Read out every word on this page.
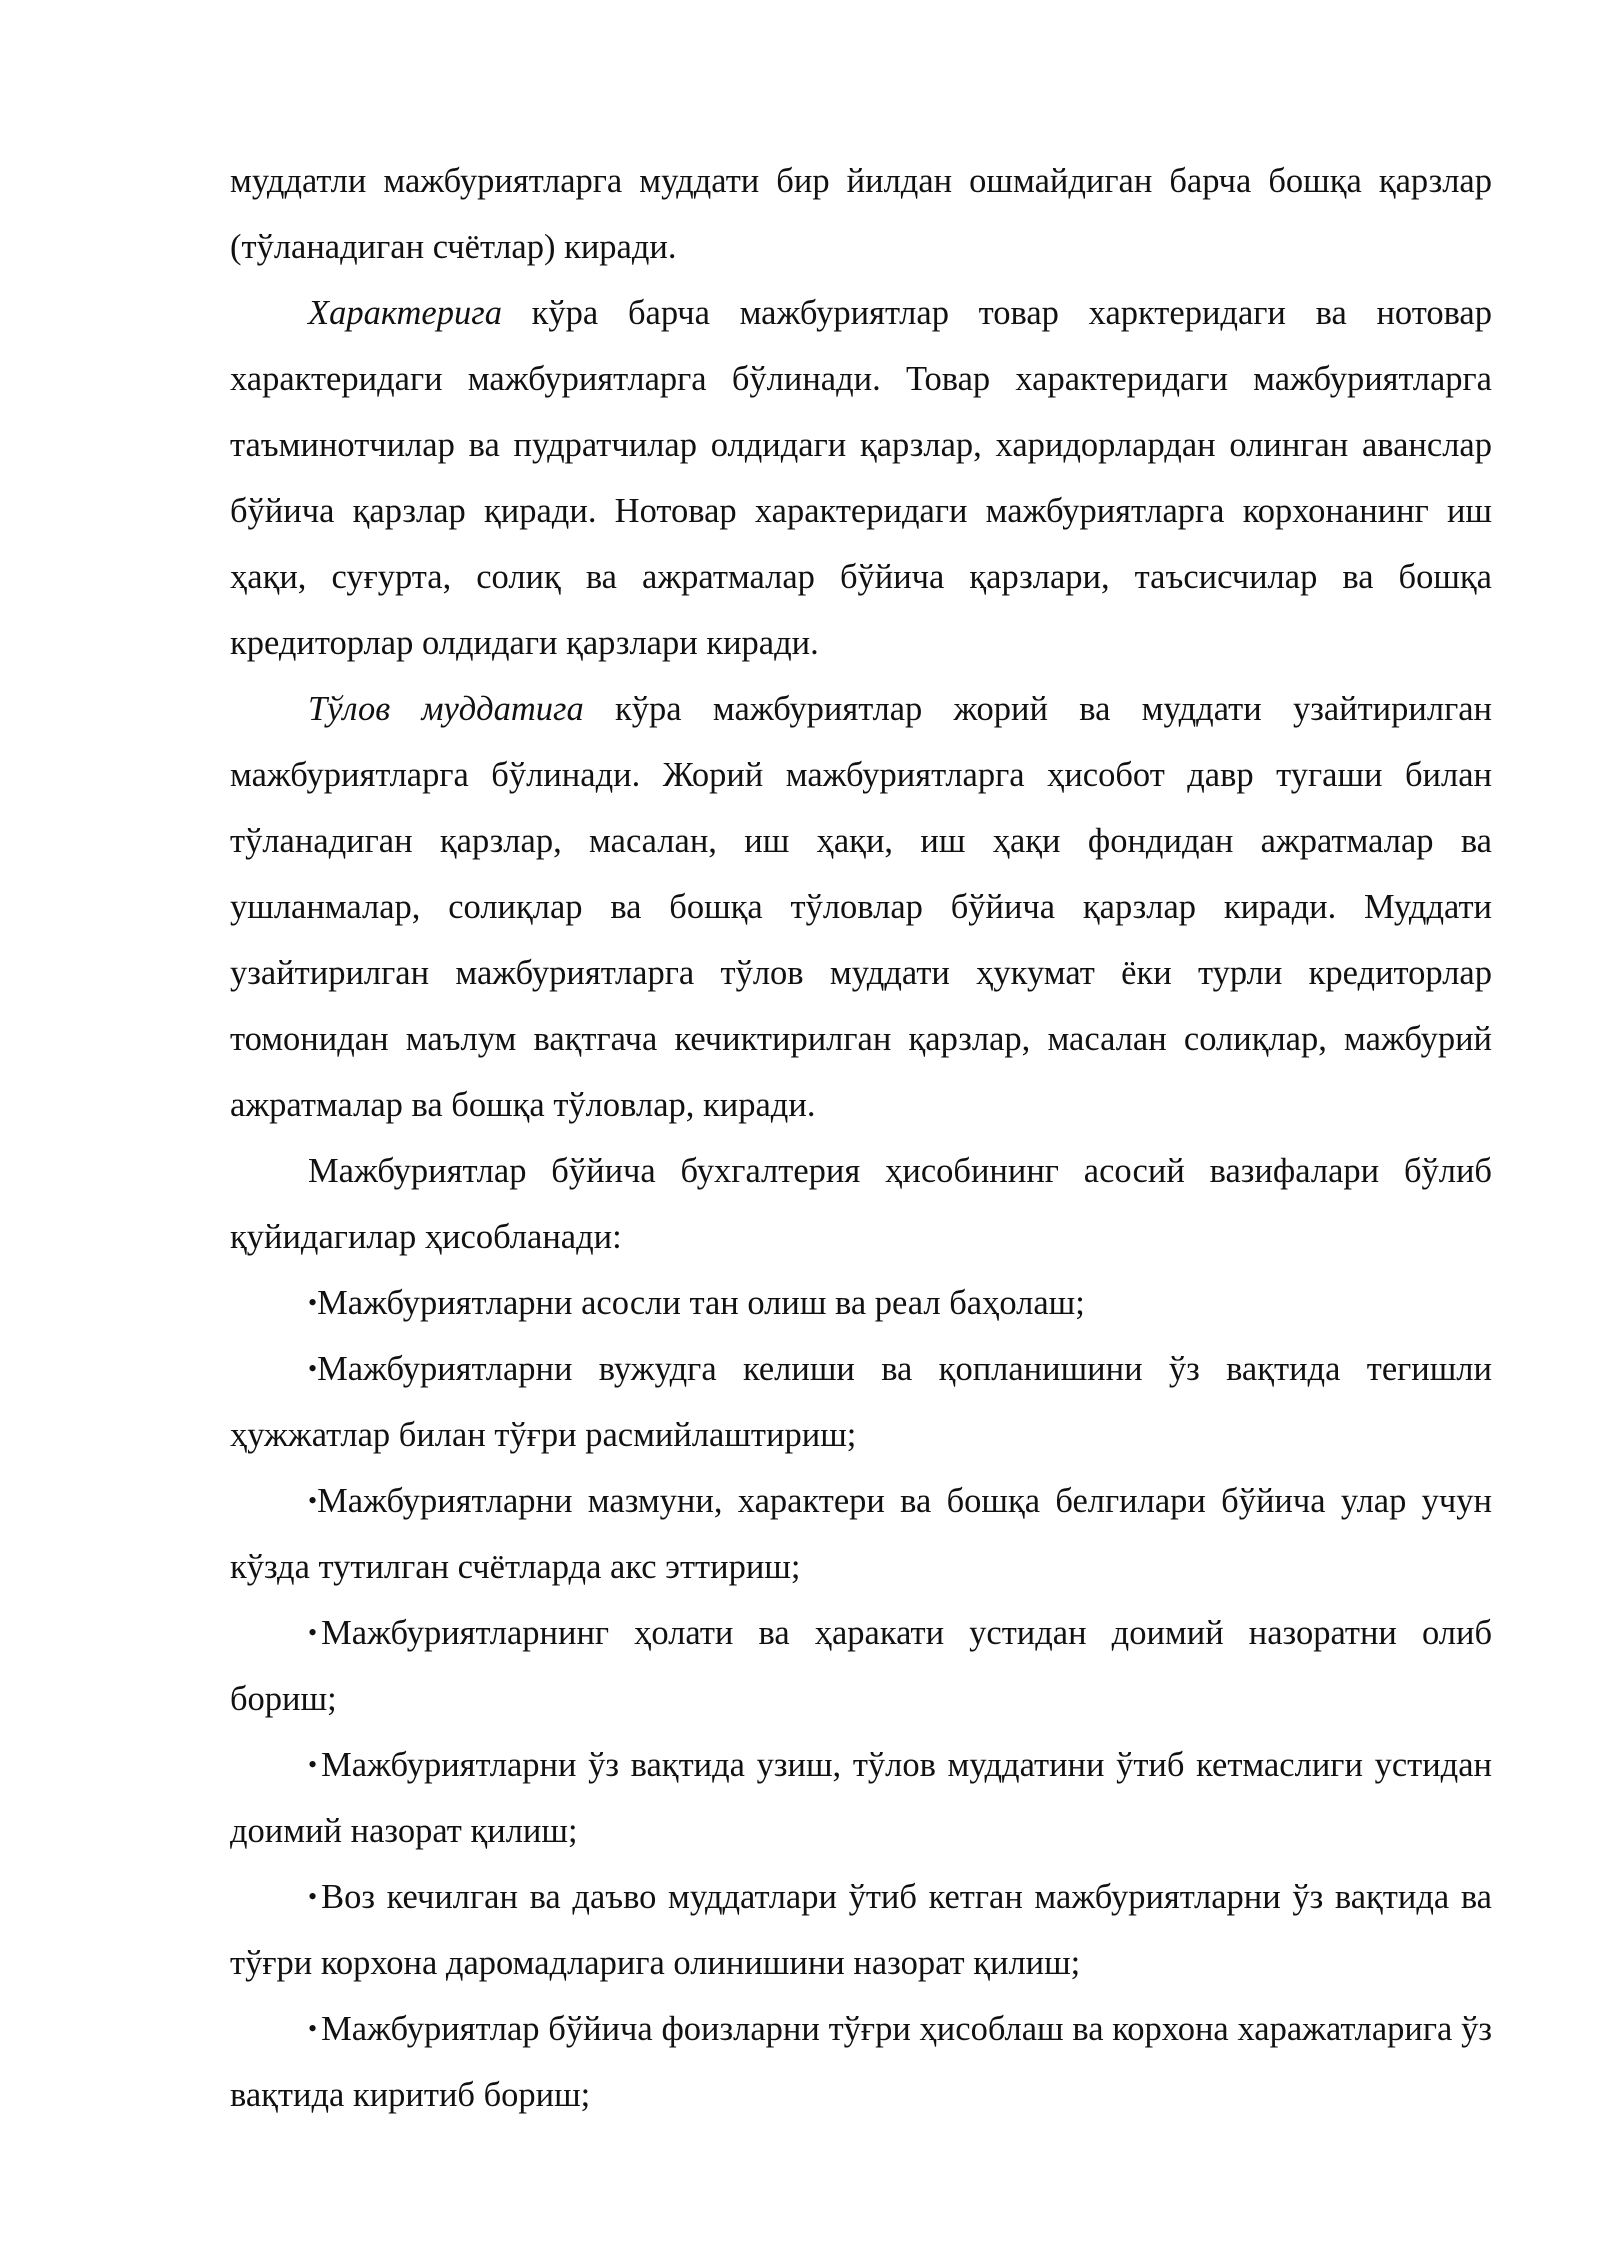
муддатли мажбуриятларга муддати бир йилдан ошмайдиган барча бошқа қарзлар (тўланадиган счётлар) киради.

Характерига кўра барча мажбуриятлар товар харктеридаги ва нотовар характеридаги мажбуриятларга бўлинади. Товар характеридаги мажбуриятларга таъминотчилар ва пудратчилар олдидаги қарзлар, харидорлардан олинган аванслар бўйича қарзлар қиради. Нотовар характеридаги мажбуриятларга корхонанинг иш ҳақи, суғурта, солиқ ва ажратмалар бўйича қарзлари, таъсисчилар ва бошқа кредиторлар олдидаги қарзлари киради.

Тўлов муддатига кўра мажбуриятлар жорий ва муддати узайтирилган мажбуриятларга бўлинади. Жорий мажбуриятларга ҳисобот давр тугаши билан тўланадиган қарзлар, масалан, иш ҳақи, иш ҳақи фондидан ажратмалар ва ушланмалар, солиқлар ва бошқа тўловлар бўйича қарзлар киради. Муддати узайтирилган мажбуриятларга тўлов муддати ҳукумат ёки турли кредиторлар томонидан маълум вақтгача кечиктирилган қарзлар, масалан солиқлар, мажбурий ажратмалар ва бошқа тўловлар, киради.

Мажбуриятлар бўйича бухгалтерия ҳисобининг асосий вазифалари бўлиб қуйидагилар ҳисобланади:

•Мажбуриятларни асосли тан олиш ва реал баҳолаш;

•Мажбуриятларни вужудга келиши ва қопланишини ўз вақтида тегишли ҳужжатлар билан тўғри расмийлаштириш;

•Мажбуриятларни мазмуни, характери ва бошқа белгилари бўйича улар учун кўзда тутилган счётларда акс эттириш;

• Мажбуриятларнинг ҳолати ва ҳаракати устидан доимий назоратни олиб бориш;

• Мажбуриятларни ўз вақтида узиш, тўлов муддатини ўтиб кетмаслиги устидан доимий назорат қилиш;

• Воз кечилган ва даъво муддатлари ўтиб кетган мажбуриятларни ўз вақтида ва тўғри корхона даромадларига олинишини назорат қилиш;

• Мажбуриятлар бўйича фоизларни тўғри ҳисоблаш ва корхона харажатларига ўз вақтида киритиб бориш;
